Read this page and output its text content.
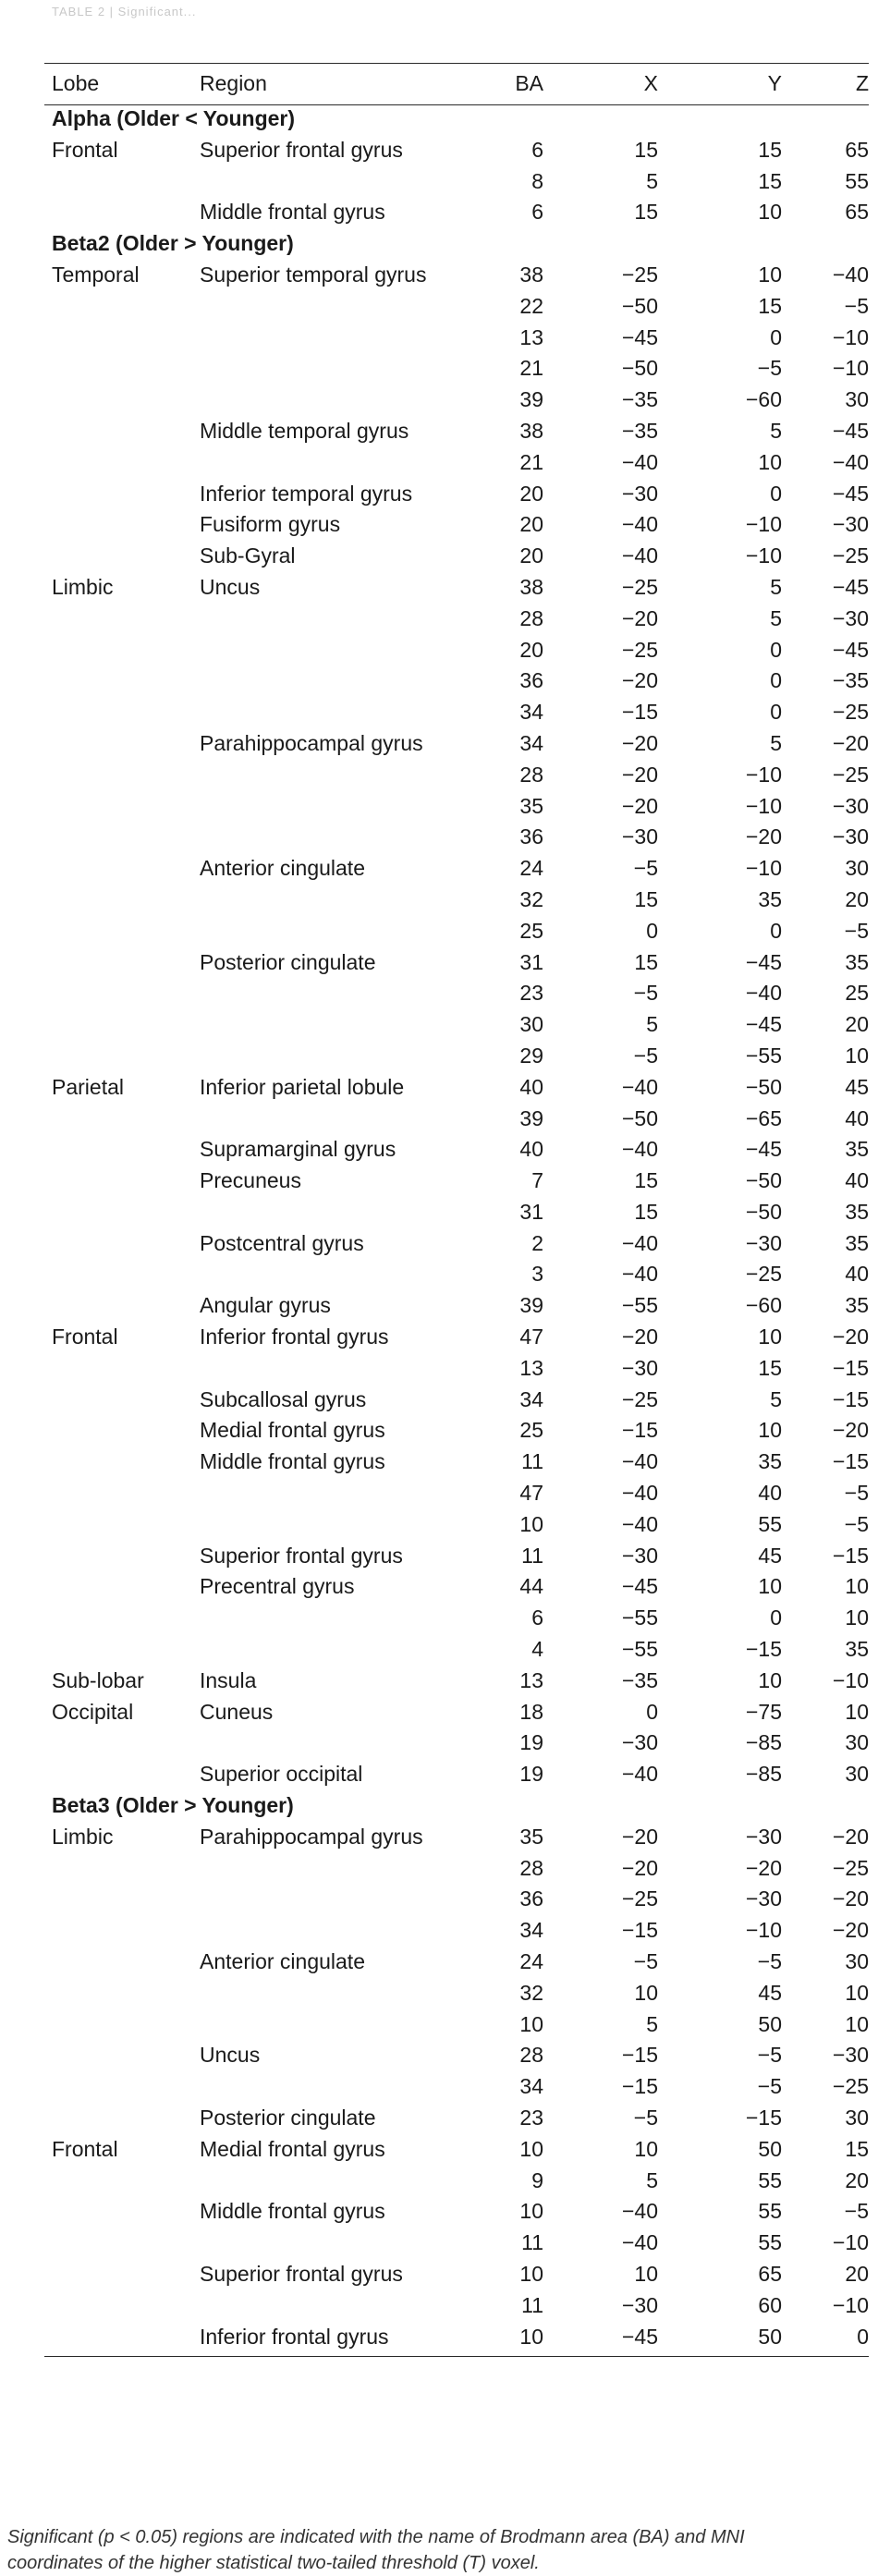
TABLE 2 | Significant...
Lobe	Region	BA	X	Y	Z
Alpha (Older < Younger)					
Frontal	Superior frontal gyrus	6	15	15	65
		8	5	15	55
	Middle frontal gyrus	6	15	10	65
Beta2 (Older > Younger)					
Temporal	Superior temporal gyrus	38	−25	10	−40
		22	−50	15	−5
		13	−45	0	−10
		21	−50	−5	−10
		39	−35	−60	30
	Middle temporal gyrus	38	−35	5	−45
		21	−40	10	−40
	Inferior temporal gyrus	20	−30	0	−45
	Fusiform gyrus	20	−40	−10	−30
	Sub-Gyral	20	−40	−10	−25
Limbic	Uncus	38	−25	5	−45
		28	−20	5	−30
		20	−25	0	−45
		36	−20	0	−35
		34	−15	0	−25
	Parahippocampal gyrus	34	−20	5	−20
		28	−20	−10	−25
		35	−20	−10	−30
		36	−30	−20	−30
	Anterior cingulate	24	−5	−10	30
		32	15	35	20
		25	0	0	−5
	Posterior cingulate	31	15	−45	35
		23	−5	−40	25
		30	5	−45	20
		29	−5	−55	10
Parietal	Inferior parietal lobule	40	−40	−50	45
		39	−50	−65	40
	Supramarginal gyrus	40	−40	−45	35
	Precuneus	7	15	−50	40
		31	15	−50	35
	Postcentral gyrus	2	−40	−30	35
		3	−40	−25	40
	Angular gyrus	39	−55	−60	35
Frontal	Inferior frontal gyrus	47	−20	10	−20
		13	−30	15	−15
	Subcallosal gyrus	34	−25	5	−15
	Medial frontal gyrus	25	−15	10	−20
	Middle frontal gyrus	11	−40	35	−15
		47	−40	40	−5
		10	−40	55	−5
	Superior frontal gyrus	11	−30	45	−15
	Precentral gyrus	44	−45	10	10
		6	−55	0	10
		4	−55	−15	35
Sub-lobar	Insula	13	−35	10	−10
Occipital	Cuneus	18	0	−75	10
		19	−30	−85	30
	Superior occipital	19	−40	−85	30
Beta3 (Older > Younger)					
Limbic	Parahippocampal gyrus	35	−20	−30	−20
		28	−20	−20	−25
		36	−25	−30	−20
		34	−15	−10	−20
	Anterior cingulate	24	−5	−5	30
		32	10	45	10
		10	5	50	10
	Uncus	28	−15	−5	−30
		34	−15	−5	−25
	Posterior cingulate	23	−5	−15	30
Frontal	Medial frontal gyrus	10	10	50	15
		9	5	55	20
	Middle frontal gyrus	10	−40	55	−5
		11	−40	55	−10
	Superior frontal gyrus	10	10	65	20
		11	−30	60	−10
	Inferior frontal gyrus	10	−45	50	0
Significant (p < 0.05) regions are indicated with the name of Brodmann area (BA) and MNI coordinates of the higher statistical two-tailed threshold (T) voxel.
